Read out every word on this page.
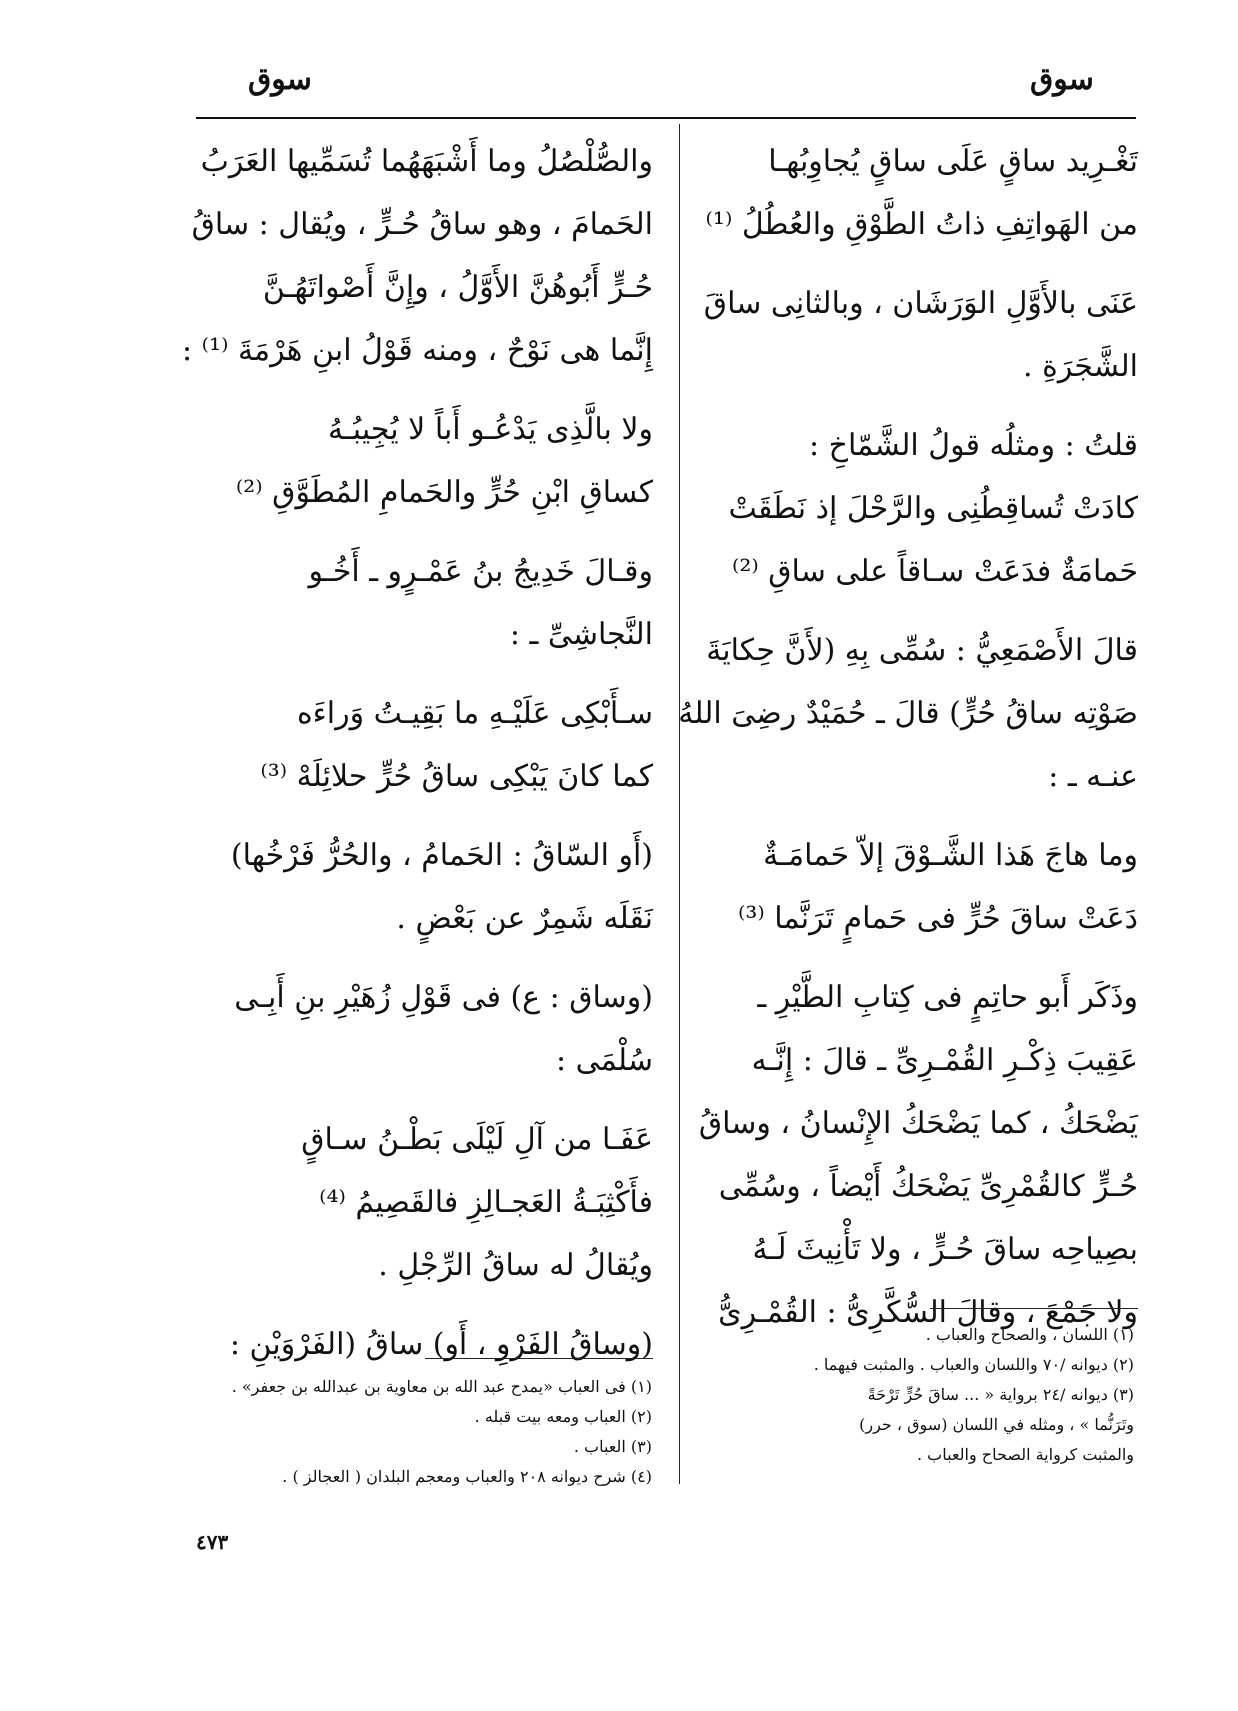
سوق
سوق
تَغْـرِيد ساقٍ عَلَى ساقٍ يُجاوِبُهـا
من الهَواتِفِ ذاتُ الطَّوْقِ والعُطُلُ ⁽¹⁾
عَنَى بالأَوَّلِ الوَرَشَان ، وبالثانِى ساقَ
الشَّجَرَةِ .
قلتُ : ومثلُه قولُ الشَّمّاخِ :
كادَتْ تُساقِطُنِى والرَّحْلَ إذ نَطَقَتْ
حَمامَةٌ فدَعَتْ سـاقاً على ساقِ ⁽²⁾
قالَ الأَصْمَعِيُّ : سُمِّى بِهِ (لأَنَّ حِكايَةَ
صَوْتِه ساقُ حُرٍّ) قالَ ـ حُمَيْدٌ رضِىَ اللهُ
عنـه ـ :
وما هاجَ هَذا الشَّـوْقَ إلاّ حَمامَـةٌ
دَعَتْ ساقَ حُرٍّ فى حَمامٍ تَرَنَّما ⁽³⁾
وذَكَر أَبو حاتِمٍ فى كِتابِ الطَّيْرِ ـ
عَقِيبَ ذِكْـرِ القُمْـرِىِّ ـ قالَ : إِنَّـه
يَضْحَكُ ، كما يَضْحَكُ الإِنْسانُ ، وساقُ
حُـرٍّ كالقُمْرِىِّ يَضْحَكُ أَيْضاً ، وسُمِّى
بصِياحِه ساقَ حُـرٍّ ، ولا تَأْنِيثَ لَـهُ
ولا جَمْعَ ، وقالَ السُّكَّرِىُّ : القُمْـرِىُّ
والصُّلْصُلُ وما أَشْبَهَهُما تُسَمِّيها العَرَبُ
الحَمامَ ، وهو ساقُ حُـرٍّ ، ويُقال : ساقُ
حُـرٍّ أَبُوهُنَّ الأَوَّلُ ، وإِنَّ أَصْواتَهُـنَّ
إِنَّما هى نَوْحٌ ، ومنه قَوْلُ ابنِ هَرْمَةَ ⁽¹⁾ :
ولا بالَّذِى يَدْعُـو أَباً لا يُجِيبُـهُ
كساقِ ابْنِ حُرٍّ والحَمامِ المُطَوَّقِ ⁽²⁾
وقـالَ خَدِيجُ بنُ عَمْـرٍو ـ أَخُـو
النَّجاشِىِّ ـ :
سـأَبْكِى عَلَيْـهِ ما بَقِيـتُ وَراءَه
كما كانَ يَبْكِى ساقُ حُرٍّ حلائِلَهْ ⁽³⁾
(أَو السّاقُ : الحَمامُ ، والحُرُّ فَرْخُها)
نَقَلَه شَمِرٌ عن بَعْضٍ .
(وساق : ع) فى قَوْلِ زُهَيْرِ بنِ أَبِـى
سُلْمَى :
عَفَـا من آلِ لَيْلَى بَطْـنُ سـاقٍ
فأَكْثِبَـةُ العَجـالِزِ فالقَصِيمُ ⁽⁴⁾
ويُقالُ له ساقُ الرِّجْلِ .
(وساقُ الفَرْوِ ، أَو) ساقُ (الفَرْوَيْنِ :	(١) اللسان ، والصحاح والعباب .
(٢) ديوانه /٧٠ واللسان والعباب . والمثبت فيهما .
(٣) ديوانه /٢٤ برواية « ... ساقَ حُرٍّ تَرْحَةً
وتَرَنُّما » ، ومثله في اللسان (سوق ، حرر)
والمثبت كرواية الصحاح والعباب .
(١) فى العباب «يمدح عبد الله بن معاوية بن عبدالله بن جعفر» .
(٢) العباب ومعه بيت قبله .
(٣) العباب .
(٤) شرح ديوانه ٢٠٨ والعباب ومعجم البلدان ( العجالز ) .
٤٧٣
